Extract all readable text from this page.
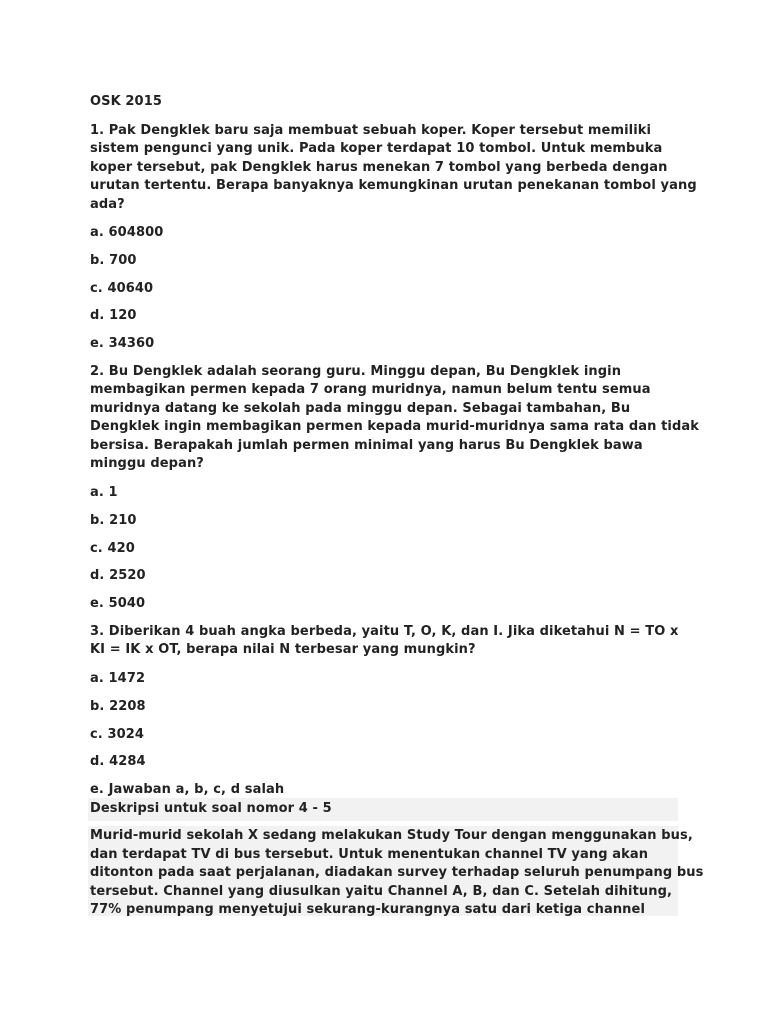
OSK 2015
1. Pak Dengklek baru saja membuat sebuah koper. Koper tersebut memiliki
sistem pengunci yang unik. Pada koper terdapat 10 tombol. Untuk membuka
koper tersebut, pak Dengklek harus menekan 7 tombol yang berbeda dengan
urutan tertentu. Berapa banyaknya kemungkinan urutan penekanan tombol yang
ada?
a. 604800
b. 700
c. 40640
d. 120
e. 34360
2. Bu Dengklek adalah seorang guru. Minggu depan, Bu Dengklek ingin
membagikan permen kepada 7 orang muridnya, namun belum tentu semua
muridnya datang ke sekolah pada minggu depan. Sebagai tambahan, Bu
Dengklek ingin membagikan permen kepada murid-muridnya sama rata dan tidak
bersisa. Berapakah jumlah permen minimal yang harus Bu Dengklek bawa
minggu depan?
a. 1
b. 210
c. 420
d. 2520
e. 5040
3. Diberikan 4 buah angka berbeda, yaitu T, O, K, dan I. Jika diketahui N = TO x
KI = IK x OT, berapa nilai N terbesar yang mungkin?
a. 1472
b. 2208
c. 3024
d. 4284
e. Jawaban a, b, c, d salah
Deskripsi untuk soal nomor 4 - 5
Murid-murid sekolah X sedang melakukan Study Tour dengan menggunakan bus,
dan terdapat TV di bus tersebut. Untuk menentukan channel TV yang akan
ditonton pada saat perjalanan, diadakan survey terhadap seluruh penumpang bus
tersebut. Channel yang diusulkan yaitu Channel A, B, dan C. Setelah dihitung,
77% penumpang menyetujui sekurang-kurangnya satu dari ketiga channel
